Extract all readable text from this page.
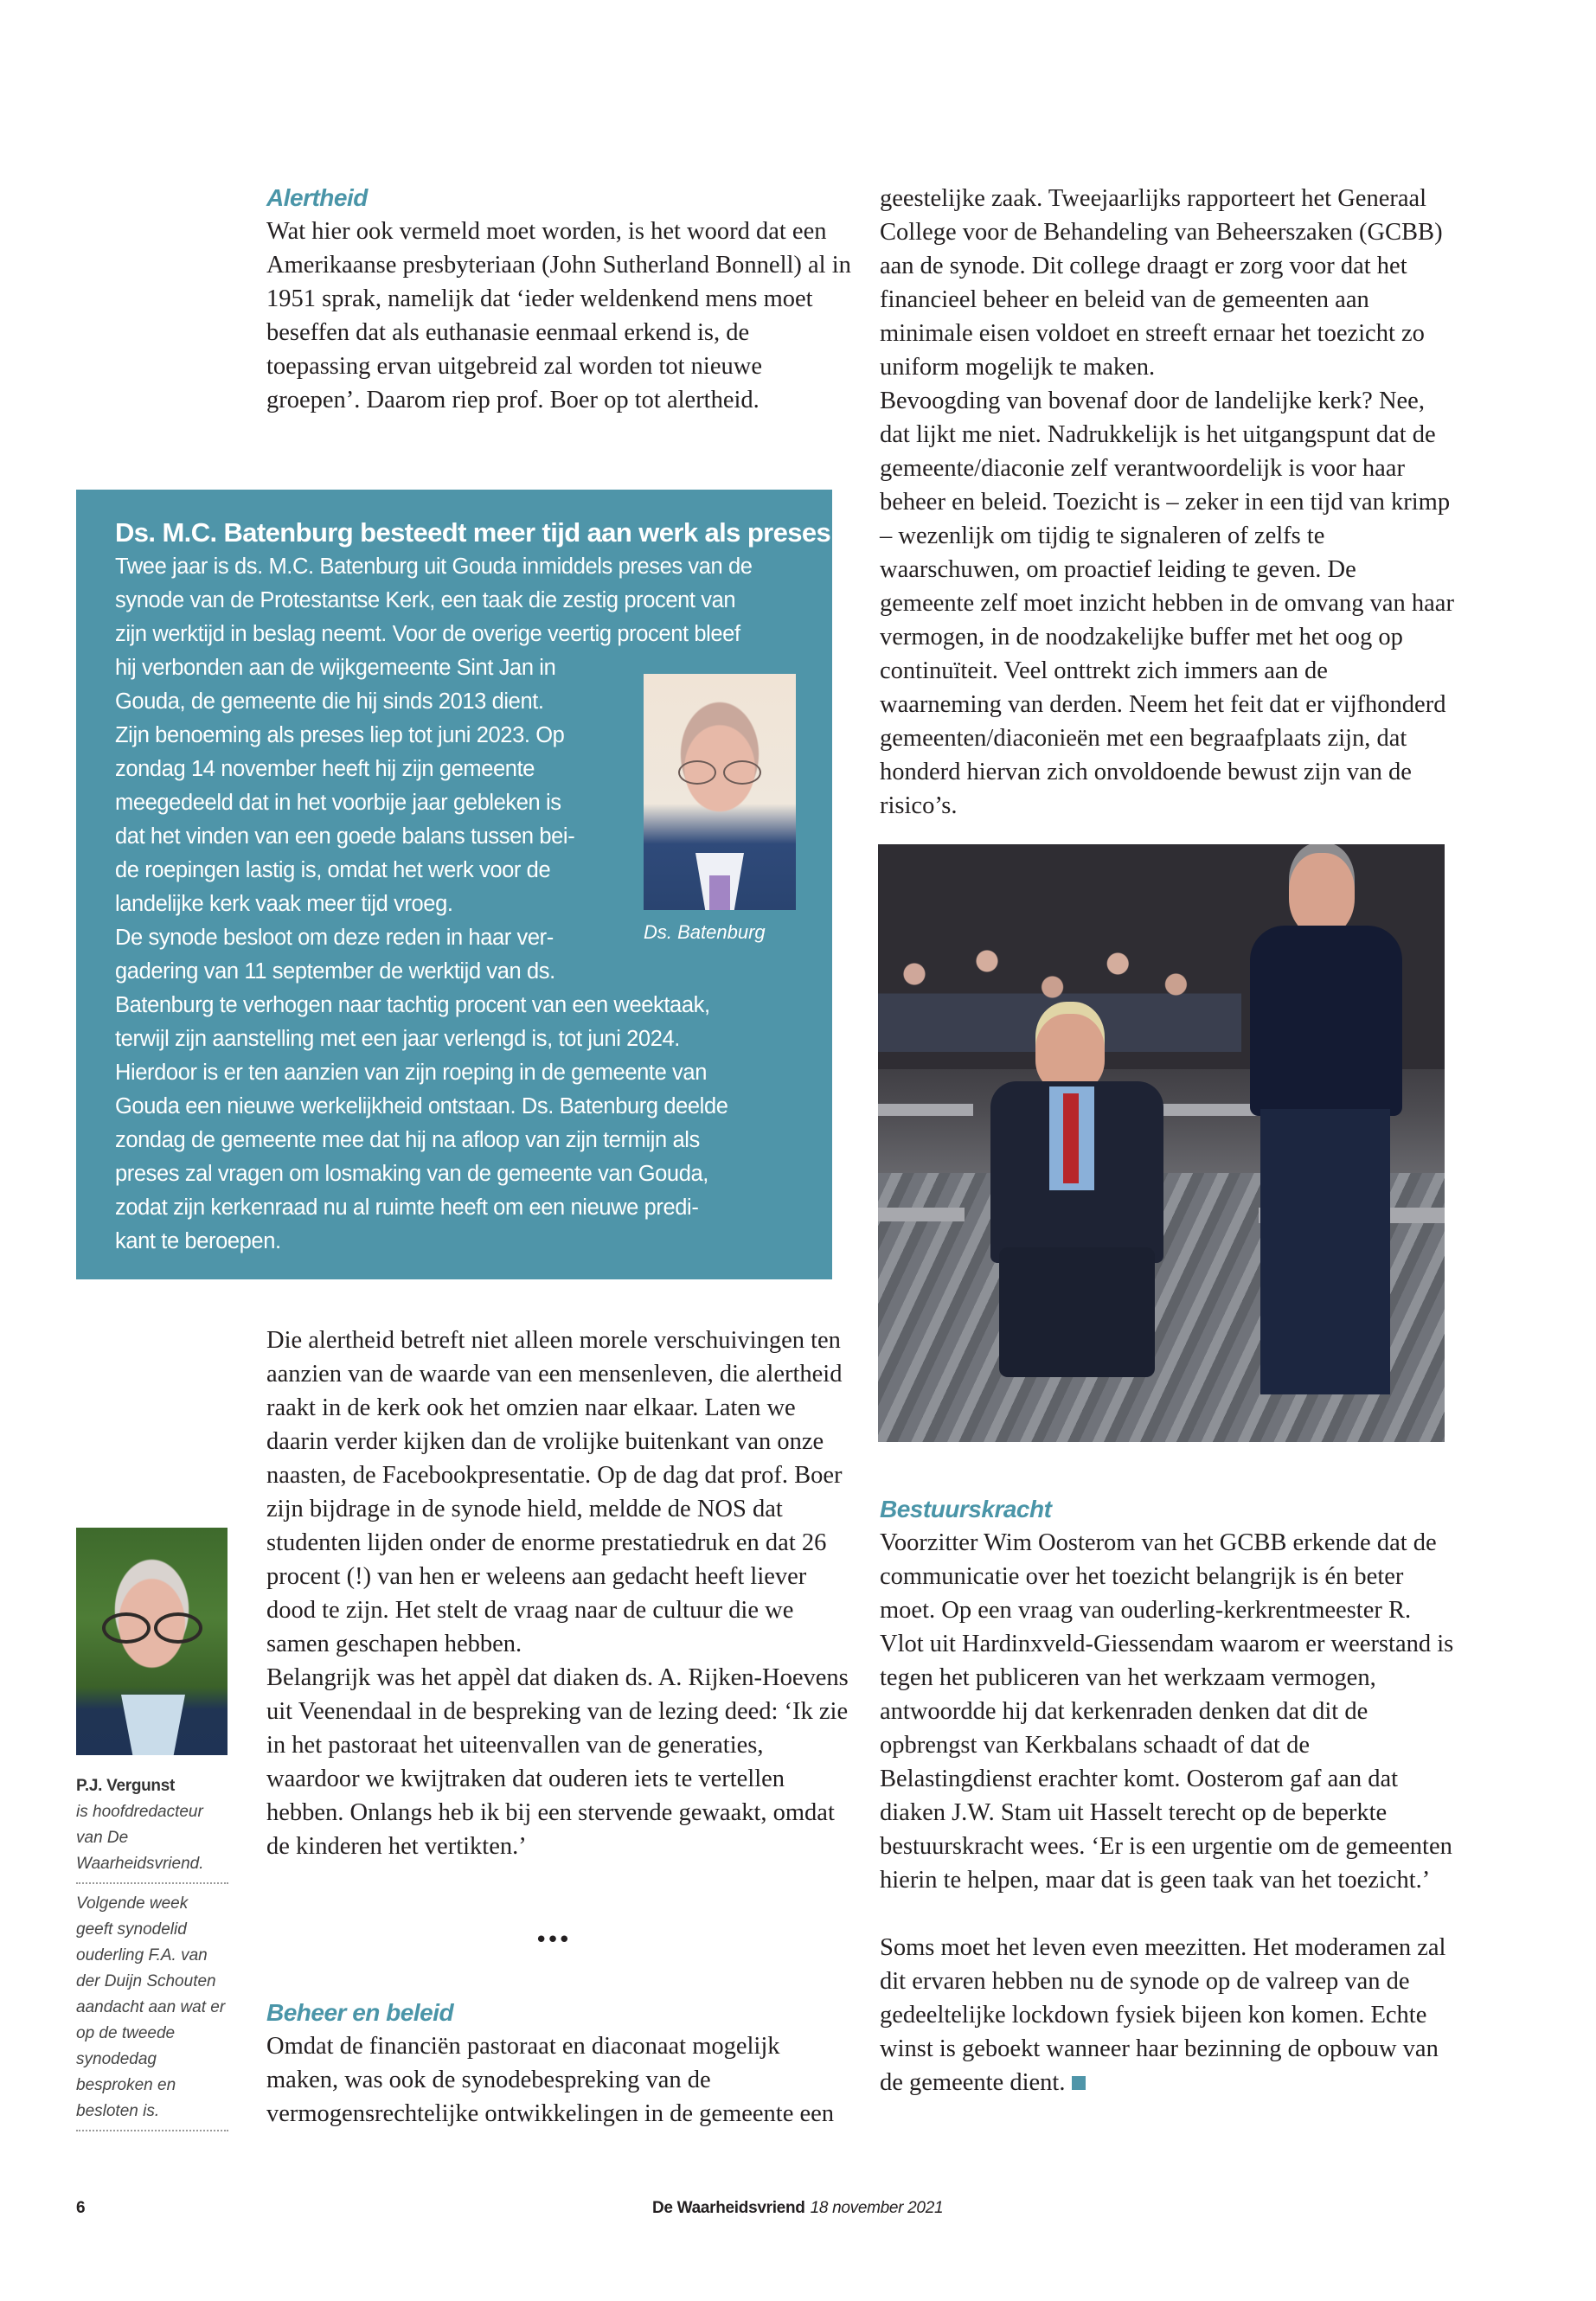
Alertheid

Wat hier ook vermeld moet worden, is het woord dat een Amerikaanse presbyteriaan (John Sutherland Bonnell) al in 1951 sprak, namelijk dat ‘ieder weldenkend mens moet beseffen dat als euthanasie eenmaal erkend is, de toepassing ervan uitgebreid zal worden tot nieuwe groepen’. Daarom riep prof. Boer op tot alertheid.

Ds. M.C. Batenburg besteedt meer tijd aan werk als preses
Twee jaar is ds. M.C. Batenburg uit Gouda inmiddels preses van de
synode van de Protestantse Kerk, een taak die zestig procent van
zijn werktijd in beslag neemt. Voor de overige veertig procent bleef
hij verbonden aan de wijkgemeente Sint Jan in
Gouda, de gemeente die hij sinds 2013 dient.
Zijn benoeming als preses liep tot juni 2023. Op
zondag 14 november heeft hij zijn gemeente
meegedeeld dat in het voorbije jaar gebleken is
dat het vinden van een goede balans tussen bei-
de roepingen lastig is, omdat het werk voor de
landelijke kerk vaak meer tijd vroeg.
De synode besloot om deze reden in haar ver-
gadering van 11 september de werktijd van ds.
Batenburg te verhogen naar tachtig procent van een weektaak,
terwijl zijn aanstelling met een jaar verlengd is, tot juni 2024.
Hierdoor is er ten aanzien van zijn roeping in de gemeente van
Gouda een nieuwe werkelijkheid ontstaan. Ds. Batenburg deelde
zondag de gemeente mee dat hij na afloop van zijn termijn als
preses zal vragen om losmaking van de gemeente van Gouda,
zodat zijn kerkenraad nu al ruimte heeft om een nieuwe predi-
kant te beroepen.
Ds. Batenburg

Die alertheid betreft niet alleen morele verschuivingen ten aanzien van de waarde van een mensenleven, die alertheid raakt in de kerk ook het omzien naar elkaar. Laten we daarin verder kijken dan de vrolijke buitenkant van onze naasten, de Facebookpresentatie. Op de dag dat prof. Boer zijn bijdrage in de synode hield, meldde de NOS dat studenten lijden onder de enorme prestatiedruk en dat 26 procent (!) van hen er weleens aan gedacht heeft liever dood te zijn. Het stelt de vraag naar de cultuur die we samen geschapen hebben.

Belangrijk was het appèl dat diaken ds. A. Rijken-Hoevens uit Veenendaal in de bespreking van de lezing deed: ‘Ik zie in het pastoraat het uiteenvallen van de generaties, waardoor we kwijtraken dat ouderen iets te vertellen hebben. Onlangs heb ik bij een stervende gewaakt, omdat de kinderen het vertikten.’

•••
Beheer en beleid

Omdat de financiën pastoraat en diaconaat mogelijk maken, was ook de synodebespreking van de vermogensrechtelijke ontwikkelingen in de gemeente een

P.J. Vergunst
is hoofdredacteur van De Waarheidsvriend.
Volgende week geeft synodelid ouderling F.A. van der Duijn Schouten aandacht aan wat er op de tweede synodedag besproken en besloten is.

geestelijke zaak. Tweejaarlijks rapporteert het Generaal College voor de Behandeling van Beheerszaken (GCBB) aan de synode. Dit college draagt er zorg voor dat het financieel beheer en beleid van de gemeenten aan minimale eisen voldoet en streeft ernaar het toezicht zo uniform mogelijk te maken.

Bevoogding van bovenaf door de landelijke kerk? Nee, dat lijkt me niet. Nadrukkelijk is het uitgangspunt dat de gemeente/diaconie zelf verantwoordelijk is voor haar beheer en beleid. Toezicht is – zeker in een tijd van krimp – wezenlijk om tijdig te signaleren of zelfs te waarschuwen, om proactief leiding te geven. De gemeente zelf moet inzicht hebben in de omvang van haar vermogen, in de noodzakelijke buffer met het oog op continuïteit. Veel onttrekt zich immers aan de waarneming van derden. Neem het feit dat er vijfhonderd gemeenten/diaconieën met een begraafplaats zijn, dat honderd hiervan zich onvoldoende bewust zijn van de risico’s.

Bestuurskracht

Voorzitter Wim Oosterom van het GCBB erkende dat de communicatie over het toezicht belangrijk is én beter moet. Op een vraag van ouderling-kerkrentmeester R. Vlot uit Hardinxveld-Giessendam waarom er weerstand is tegen het publiceren van het werkzaam vermogen, antwoordde hij dat kerkenraden denken dat dit de opbrengst van Kerkbalans schaadt of dat de Belastingdienst erachter komt. Oosterom gaf aan dat diaken J.W. Stam uit Hasselt terecht op de beperkte bestuurskracht wees. ‘Er is een urgentie om de gemeenten hierin te helpen, maar dat is geen taak van het toezicht.’

Soms moet het leven even meezitten. Het moderamen zal dit ervaren hebben nu de synode op de valreep van de gedeeltelijke lockdown fysiek bijeen kon komen. Echte winst is geboekt wanneer haar bezinning de opbouw van de gemeente dient.

6	De Waarheidsvriend 18 november 2021
